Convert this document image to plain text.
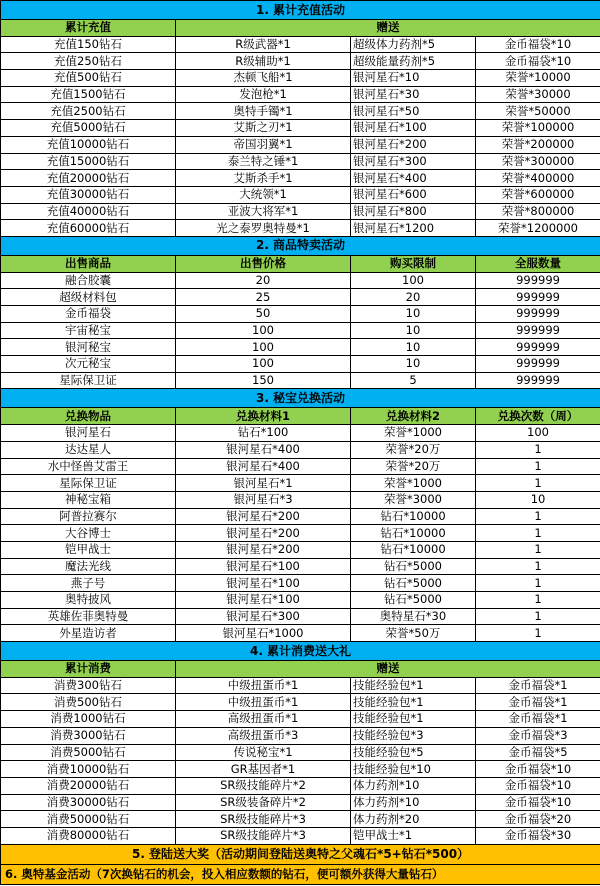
1. 累计充值活动			
累计充值	赠送		
充值150钻石	R级武器*1	超级体力药剂*5	金币福袋*10
充值250钻石	R级辅助*1	超级能量药剂*5	金币福袋*10
充值500钻石	杰顿飞船*1	银河星石*10	荣誉*10000
充值1500钻石	发泡枪*1	银河星石*30	荣誉*30000
充值2500钻石	奥特手镯*1	银河星石*50	荣誉*50000
充值5000钻石	艾斯之刃*1	银河星石*100	荣誉*100000
充值10000钻石	帝国羽翼*1	银河星石*200	荣誉*200000
充值15000钻石	泰兰特之锤*1	银河星石*300	荣誉*300000
充值20000钻石	艾斯杀手*1	银河星石*400	荣誉*400000
充值30000钻石	大统领*1	银河星石*600	荣誉*600000
充值40000钻石	亚波大将军*1	银河星石*800	荣誉*800000
充值60000钻石	光之泰罗奥特曼*1	银河星石*1200	荣誉*1200000
2. 商品特卖活动			
出售商品	出售价格	购买限制	全服数量
融合胶囊	20	100	999999
超级材料包	25	20	999999
金币福袋	50	10	999999
宇宙秘宝	100	10	999999
银河秘宝	100	10	999999
次元秘宝	100	10	999999
星际保卫证	150	5	999999
3. 秘宝兑换活动			
兑换物品	兑换材料1	兑换材料2	兑换次数（周）
银河星石	钻石*100	荣誉*1000	100
达达星人	银河星石*400	荣誉*20万	1
水中怪兽艾雷王	银河星石*400	荣誉*20万	1
星际保卫证	银河星石*1	荣誉*1000	1
神秘宝箱	银河星石*3	荣誉*3000	10
阿普拉赛尔	银河星石*200	钻石*10000	1
大谷博士	银河星石*200	钻石*10000	1
铠甲战士	银河星石*200	钻石*10000	1
魔法光线	银河星石*100	钻石*5000	1
燕子号	银河星石*100	钻石*5000	1
奥特披风	银河星石*100	钻石*5000	1
英雄佐菲奥特曼	银河星石*300	奥特星石*30	1
外星造访者	银河星石*1000	荣誉*50万	1
4. 累计消费送大礼			
累计消费	赠送		
消费300钻石	中级扭蛋币*1	技能经验包*1	金币福袋*1
消费500钻石	中级扭蛋币*1	技能经验包*1	金币福袋*1
消费1000钻石	高级扭蛋币*1	技能经验包*1	金币福袋*1
消费3000钻石	高级扭蛋币*3	技能经验包*3	金币福袋*3
消费5000钻石	传说秘宝*1	技能经验包*5	金币福袋*5
消费10000钻石	GR基因者*1	技能经验包*10	金币福袋*10
消费20000钻石	SR级技能碎片*2	体力药剂*10	金币福袋*10
消费30000钻石	SR级装备碎片*2	体力药剂*10	金币福袋*10
消费50000钻石	SR级技能碎片*3	体力药剂*20	金币福袋*20
消费80000钻石	SR级技能碎片*3	铠甲战士*1	金币福袋*30
5. 登陆送大奖（活动期间登陆送奥特之父魂石*5+钻石*500）			
6. 奥特基金活动（7次换钻石的机会，投入相应数额的钻石，便可额外获得大量钻石）			
